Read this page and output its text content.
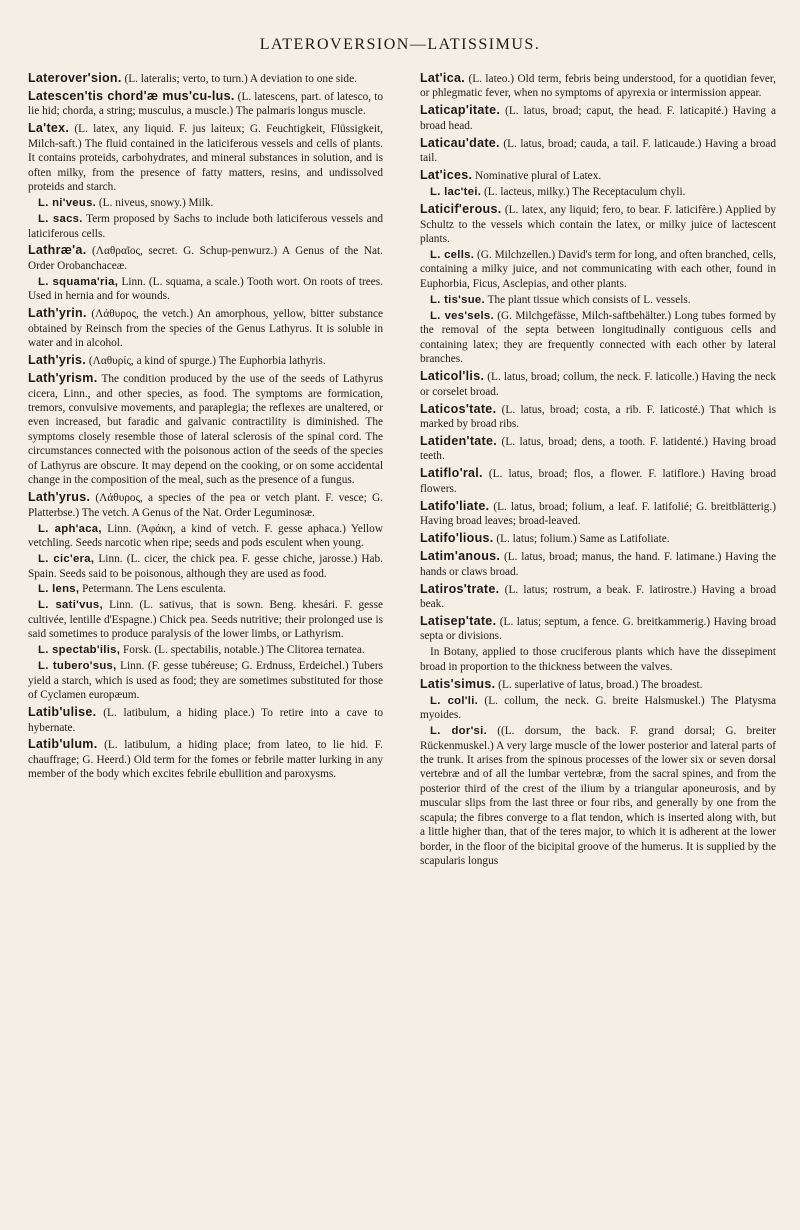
LATEROVERSION—LATISSIMUS.

Laterover'sion. (L. lateralis; verto, to turn.) A deviation to one side.

Latescen'tis chord'æ mus'cu-lus. (L. latescens, part. of latesco, to lie hid; chorda, a string; musculus, a muscle.) The palmaris longus muscle.

La'tex. (L. latex, any liquid. F. jus laiteux; G. Feuchtigkeit, Flüssigkeit, Milch-saft.) The fluid contained in the laticiferous vessels and cells of plants. It contains proteids, carbohydrates, and mineral substances in solution, and is often milky, from the presence of fatty matters, resins, and undissolved proteids and starch.

L. ni'veus. (L. niveus, snowy.) Milk.

L. sacs. Term proposed by Sachs to include both laticiferous vessels and laticiferous cells.

Lathræ'a. (Λαθραῖος, secret. G. Schup-penwurz.) A Genus of the Nat. Order Orobanchaceæ.

L. squama'ria, Linn. (L. squama, a scale.) Tooth wort. On roots of trees. Used in hernia and for wounds.

Lath'yrin. (Λάθυρος, the vetch.) An amorphous, yellow, bitter substance obtained by Reinsch from the species of the Genus Lathyrus. It is soluble in water and in alcohol.

Lath'yris. (Λαθυρίς, a kind of spurge.) The Euphorbia lathyris.

Lath'yrism. The condition produced by the use of the seeds of Lathyrus cicera, Linn., and other species, as food. The symptoms are formication, tremors, convulsive movements, and paraplegia; the reflexes are unaltered, or even increased, but faradic and galvanic contractility is diminished. The symptoms closely resemble those of lateral sclerosis of the spinal cord. The circumstances connected with the poisonous action of the seeds of the species of Lathyrus are obscure. It may depend on the cooking, or on some accidental change in the composition of the meal, such as the presence of a fungus.

Lath'yrus. (Λάθυρος, a species of the pea or vetch plant. F. vesce; G. Platterbse.) The vetch. A Genus of the Nat. Order Leguminosæ.

L. aph'aca, Linn. (Ἀφάκη, a kind of vetch. F. gesse aphaca.) Yellow vetchling. Seeds narcotic when ripe; seeds and pods esculent when young.

L. cic'era, Linn. (L. cicer, the chick pea. F. gesse chiche, jarosse.) Hab. Spain. Seeds said to be poisonous, although they are used as food.

L. lens, Petermann. The Lens esculenta.

L. sati'vus, Linn. (L. sativus, that is sown. Beng. khesári. F. gesse cultivée, lentille d'Espagne.) Chick pea. Seeds nutritive; their prolonged use is said sometimes to produce paralysis of the lower limbs, or Lathyrism.

L. spectab'ilis, Forsk. (L. spectabilis, notable.) The Clitorea ternatea.

L. tubero'sus, Linn. (F. gesse tubéreuse; G. Erdnuss, Erdeichel.) Tubers yield a starch, which is used as food; they are sometimes substituted for those of Cyclamen europæum.

Latib'ulise. (L. latibulum, a hiding place.) To retire into a cave to hybernate.

Latib'ulum. (L. latibulum, a hiding place; from lateo, to lie hid. F. chauffrage; G. Heerd.) Old term for the fomes or febrile matter lurking in any member of the body which excites febrile ebullition and paroxysms.

Lat'ica. (L. lateo.) Old term, febris being understood, for a quotidian fever, or phlegmatic fever, when no symptoms of apyrexia or intermission appear.

Laticap'itate. (L. latus, broad; caput, the head. F. laticapité.) Having a broad head.

Laticau'date. (L. latus, broad; cauda, a tail. F. laticaude.) Having a broad tail.

Lat'ices. Nominative plural of Latex.

L. lac'tei. (L. lacteus, milky.) The Receptaculum chyli.

Laticif'erous. (L. latex, any liquid; fero, to bear. F. laticifère.) Applied by Schultz to the vessels which contain the latex, or milky juice of lactescent plants.

L. cells. (G. Milchzellen.) David's term for long, and often branched, cells, containing a milky juice, and not communicating with each other, found in Euphorbia, Ficus, Asclepias, and other plants.

L. tis'sue. The plant tissue which consists of L. vessels.

L. ves'sels. (G. Milchgefässe, Milch-saftbehälter.) Long tubes formed by the removal of the septa between longitudinally contiguous cells and containing latex; they are frequently connected with each other by lateral branches.

Laticol'lis. (L. latus, broad; collum, the neck. F. laticolle.) Having the neck or corselet broad.

Laticos'tate. (L. latus, broad; costa, a rib. F. laticosté.) That which is marked by broad ribs.

Latiden'tate. (L. latus, broad; dens, a tooth. F. latidenté.) Having broad teeth.

Latiflo'ral. (L. latus, broad; flos, a flower. F. latiflore.) Having broad flowers.

Latifo'liate. (L. latus, broad; folium, a leaf. F. latifolié; G. breitblätterig.) Having broad leaves; broad-leaved.

Latifo'lious. (L. latus; folium.) Same as Latifoliate.

Latim'anous. (L. latus, broad; manus, the hand. F. latimane.) Having the hands or claws broad.

Latiros'trate. (L. latus; rostrum, a beak. F. latirostre.) Having a broad beak.

Latisep'tate. (L. latus; septum, a fence. G. breitkammerig.) Having broad septa or divisions.

In Botany, applied to those cruciferous plants which have the dissepiment broad in proportion to the thickness between the valves.

Latis'simus. (L. superlative of latus, broad.) The broadest.

L. col'li. (L. collum, the neck. G. breite Halsmuskel.) The Platysma myoides.

L. dor'si. ((L. dorsum, the back. F. grand dorsal; G. breiter Rückenmuskel.) A very large muscle of the lower posterior and lateral parts of the trunk. It arises from the spinous processes of the lower six or seven dorsal vertebræ and of all the lumbar vertebræ, from the sacral spines, and from the posterior third of the crest of the ilium by a triangular aponeurosis, and by muscular slips from the last three or four ribs, and generally by one from the scapula; the fibres converge to a flat tendon, which is inserted along with, but a little higher than, that of the teres major, to which it is adherent at the lower border, in the floor of the bicipital groove of the humerus. It is supplied by the scapularis longus
